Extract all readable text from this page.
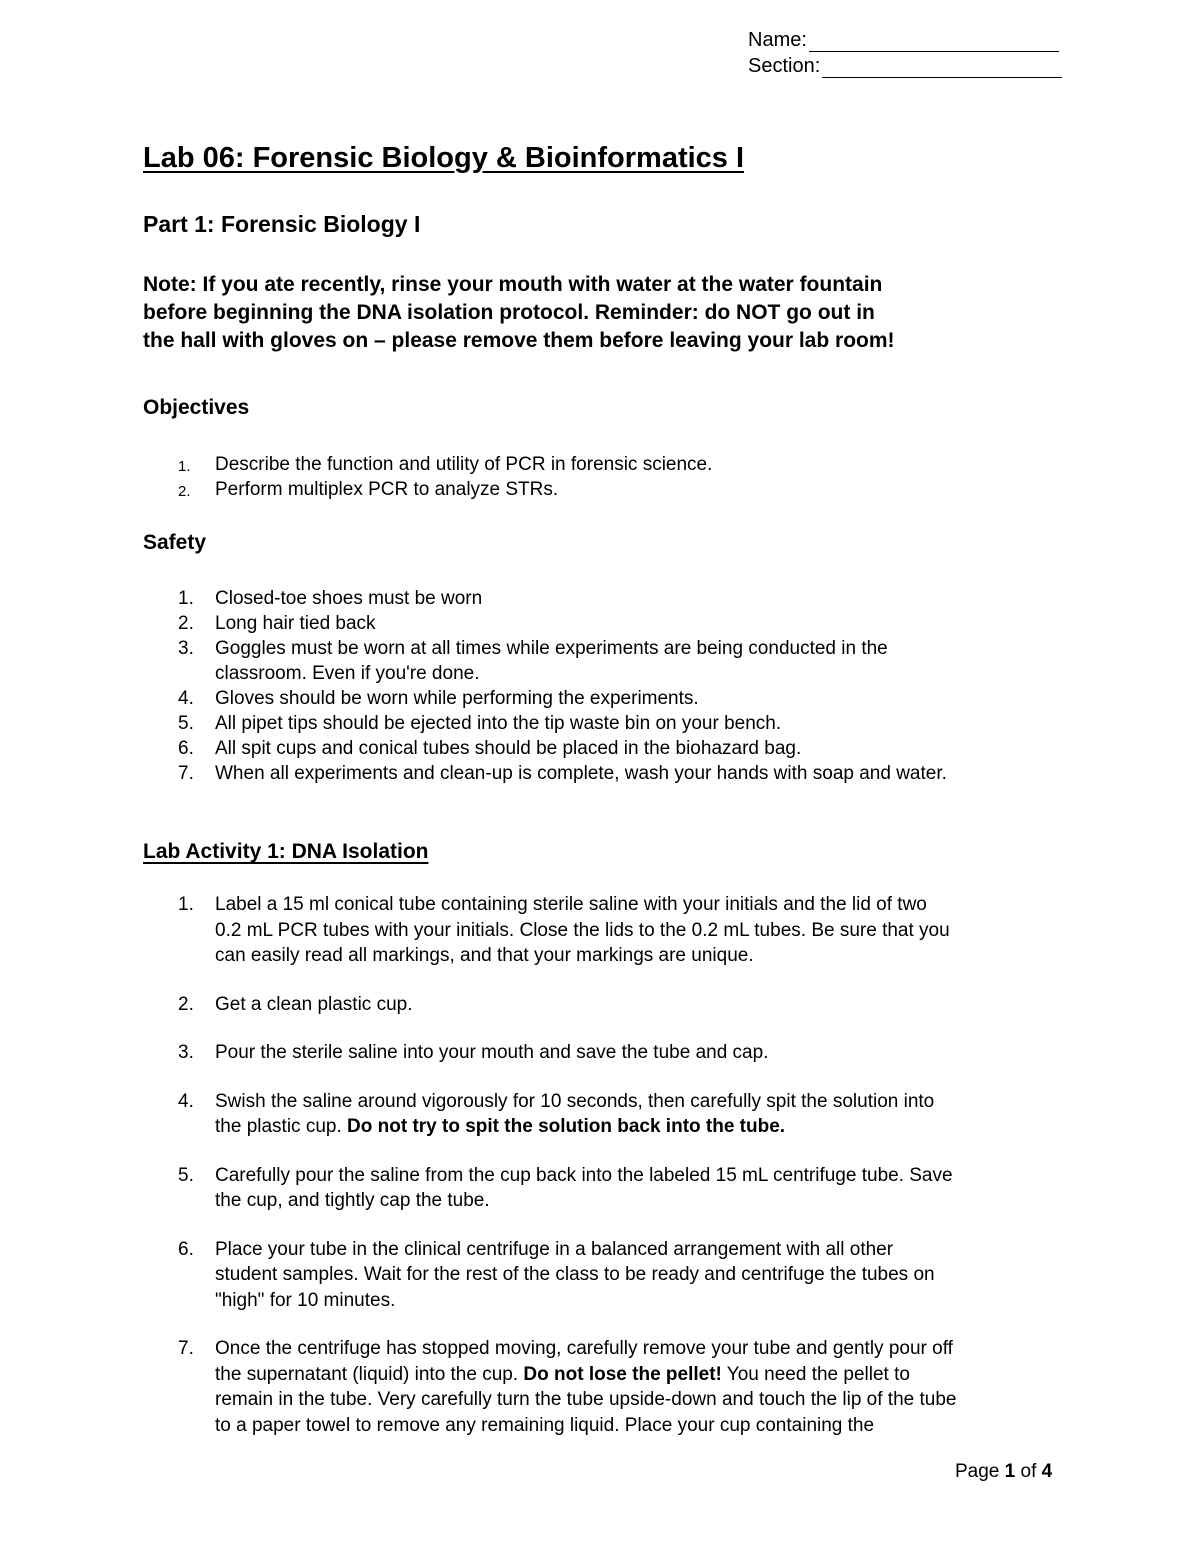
Name:
Section:
Lab 06: Forensic Biology & Bioinformatics I
Part 1: Forensic Biology I
Note: If you ate recently, rinse your mouth with water at the water fountain
before beginning the DNA isolation protocol. Reminder: do NOT go out in
the hall with gloves on – please remove them before leaving your lab room!
Objectives
1. Describe the function and utility of PCR in forensic science.
2. Perform multiplex PCR to analyze STRs.
Safety
1. Closed-toe shoes must be worn
2. Long hair tied back
3. Goggles must be worn at all times while experiments are being conducted in the
classroom. Even if you're done.
4. Gloves should be worn while performing the experiments.
5. All pipet tips should be ejected into the tip waste bin on your bench.
6. All spit cups and conical tubes should be placed in the biohazard bag.
7. When all experiments and clean-up is complete, wash your hands with soap and water.
Lab Activity 1: DNA Isolation
1. Label a 15 ml conical tube containing sterile saline with your initials and the lid of two
0.2 mL PCR tubes with your initials. Close the lids to the 0.2 mL tubes. Be sure that you
can easily read all markings, and that your markings are unique.
2. Get a clean plastic cup.
3. Pour the sterile saline into your mouth and save the tube and cap.
4. Swish the saline around vigorously for 10 seconds, then carefully spit the solution into
the plastic cup. Do not try to spit the solution back into the tube.
5. Carefully pour the saline from the cup back into the labeled 15 mL centrifuge tube. Save
the cup, and tightly cap the tube.
6. Place your tube in the clinical centrifuge in a balanced arrangement with all other
student samples. Wait for the rest of the class to be ready and centrifuge the tubes on
"high" for 10 minutes.
7. Once the centrifuge has stopped moving, carefully remove your tube and gently pour off
the supernatant (liquid) into the cup. Do not lose the pellet! You need the pellet to
remain in the tube. Very carefully turn the tube upside-down and touch the lip of the tube
to a paper towel to remove any remaining liquid. Place your cup containing the
Page 1 of 4
